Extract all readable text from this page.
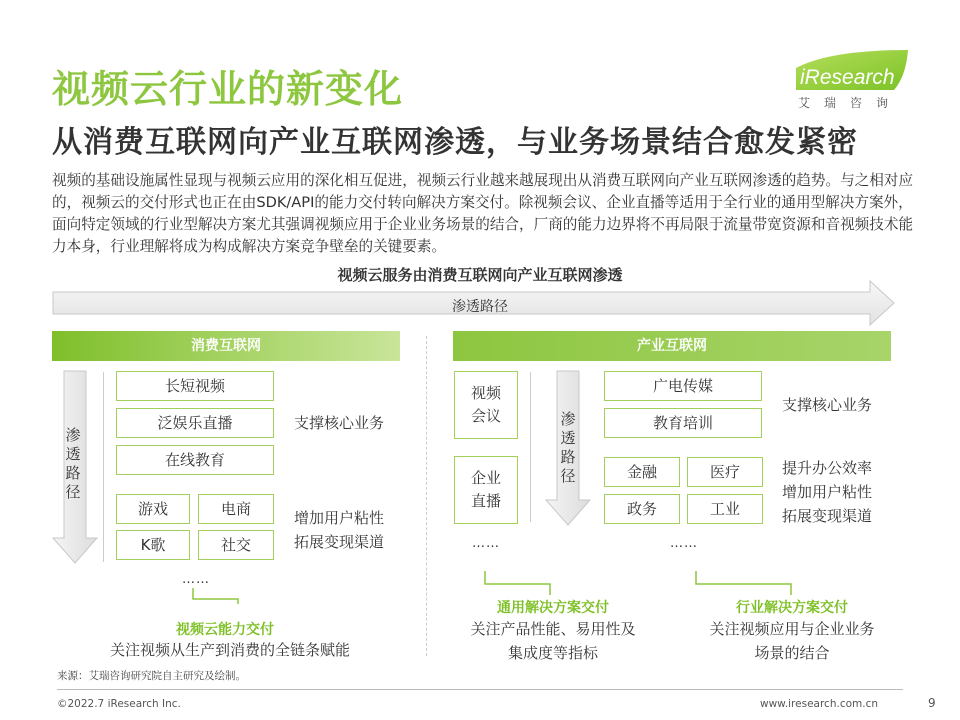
视频云行业的新变化
从消费互联网向产业互联网渗透，与业务场景结合愈发紧密
iResearch
艾瑞咨询
视频的基础设施属性显现与视频云应用的深化相互促进，视频云行业越来越展现出从消费互联网向产业互联网渗透的趋势。与之相对应的，视频云的交付形式也正在由SDK/API的能力交付转向解决方案交付。除视频会议、企业直播等适用于全行业的通用型解决方案外，面向特定领域的行业型解决方案尤其强调视频应用于企业业务场景的结合，厂商的能力边界将不再局限于流量带宽资源和音视频技术能力本身，行业理解将成为构成解决方案竞争壁垒的关键要素。
视频云服务由消费互联网向产业互联网渗透
渗透路径
消费互联网	产业互联网
渗
透
路
径
长短视频
泛娱乐直播
在线教育
支撑核心业务
游戏	电商
K歌	社交
增加用户粘性
拓展变现渠道
……
视频云能力交付
关注视频从生产到消费的全链条赋能
视频
会议
企业
直播
……
渗
透
路
径
广电传媒
教育培训
支撑核心业务
金融	医疗
政务	工业
提升办公效率
增加用户粘性
拓展变现渠道
……
通用解决方案交付
关注产品性能、易用性及
集成度等指标
行业解决方案交付
关注视频应用与企业业务
场景的结合
来源：艾瑞咨询研究院自主研究及绘制。
©2022.7 iResearch Inc.	www.iresearch.com.cn	9
